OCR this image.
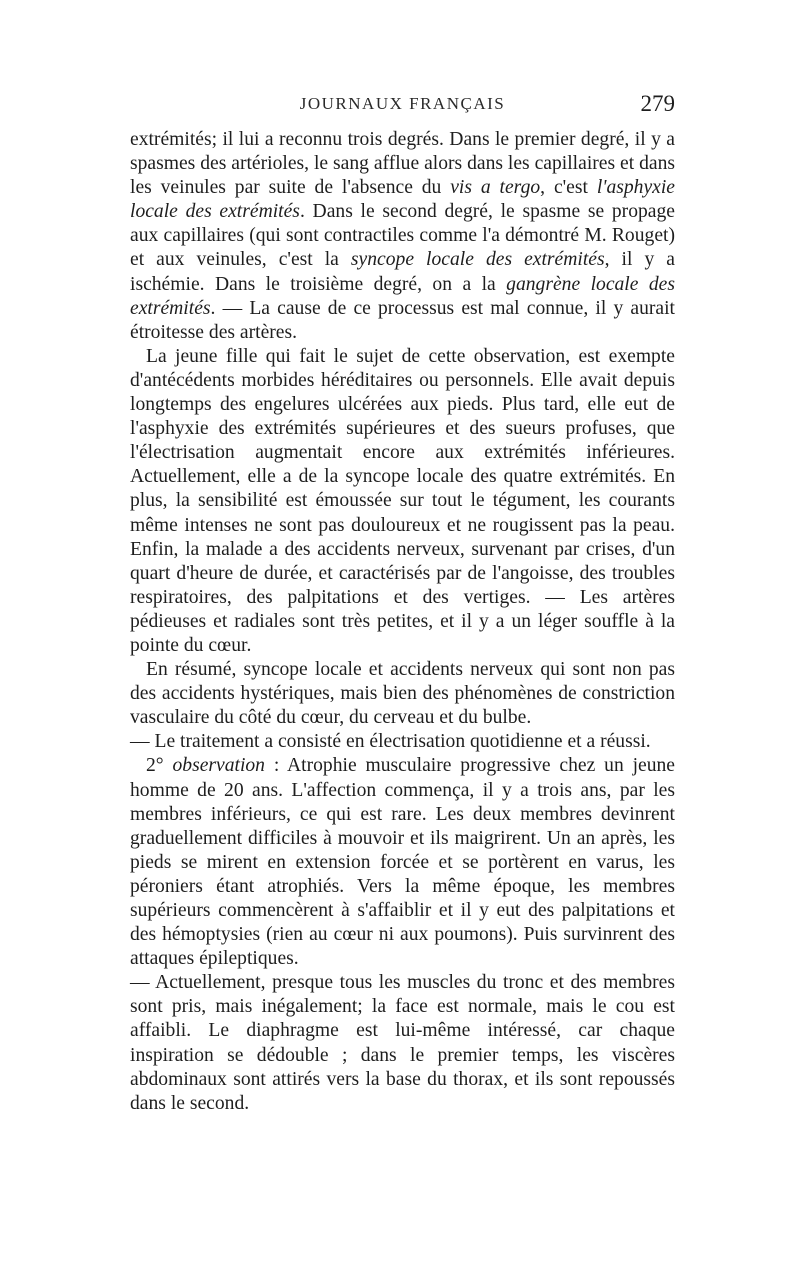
JOURNAUX FRANÇAIS	279

extrémités; il lui a reconnu trois degrés. Dans le premier degré, il y a spasmes des artérioles, le sang afflue alors dans les capillaires et dans les veinules par suite de l'absence du vis a tergo, c'est l'asphyxie locale des extrémités. Dans le second degré, le spasme se propage aux capillaires (qui sont contractiles comme l'a démontré M. Rouget) et aux veinules, c'est la syncope locale des extrémités, il y a ischémie. Dans le troisième degré, on a la gangrène locale des extrémités. — La cause de ce processus est mal connue, il y aurait étroitesse des artères.

La jeune fille qui fait le sujet de cette observation, est exempte d'antécédents morbides héréditaires ou personnels. Elle avait depuis longtemps des engelures ulcérées aux pieds. Plus tard, elle eut de l'asphyxie des extrémités supérieures et des sueurs profuses, que l'électrisation augmentait encore aux extrémités inférieures. Actuellement, elle a de la syncope locale des quatre extrémités. En plus, la sensibilité est émoussée sur tout le tégument, les courants même intenses ne sont pas douloureux et ne rougissent pas la peau. Enfin, la malade a des accidents nerveux, survenant par crises, d'un quart d'heure de durée, et caractérisés par de l'angoisse, des troubles respiratoires, des palpitations et des vertiges. — Les artères pédieuses et radiales sont très petites, et il y a un léger souffle à la pointe du cœur.

En résumé, syncope locale et accidents nerveux qui sont non pas des accidents hystériques, mais bien des phénomènes de constriction vasculaire du côté du cœur, du cerveau et du bulbe.

— Le traitement a consisté en électrisation quotidienne et a réussi.

2° observation : Atrophie musculaire progressive chez un jeune homme de 20 ans. L'affection commença, il y a trois ans, par les membres inférieurs, ce qui est rare. Les deux membres devinrent graduellement difficiles à mouvoir et ils maigrirent. Un an après, les pieds se mirent en extension forcée et se portèrent en varus, les péroniers étant atrophiés. Vers la même époque, les membres supérieurs commencèrent à s'affaiblir et il y eut des palpitations et des hémoptysies (rien au cœur ni aux poumons). Puis survinrent des attaques épileptiques.

— Actuellement, presque tous les muscles du tronc et des membres sont pris, mais inégalement; la face est normale, mais le cou est affaibli. Le diaphragme est lui-même intéressé, car chaque inspiration se dédouble ; dans le premier temps, les viscères abdominaux sont attirés vers la base du thorax, et ils sont repoussés dans le second.
